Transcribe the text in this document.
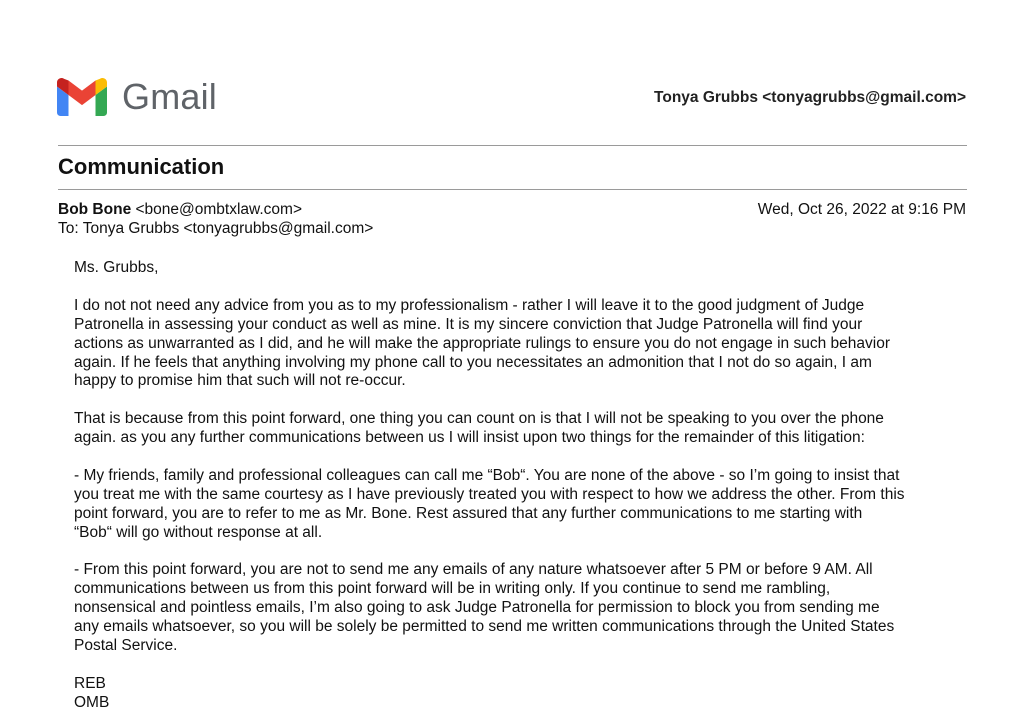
Gmail	Tonya Grubbs <tonyagrubbs@gmail.com>
Communication
Bob Bone <bone@ombtxlaw.com>	Wed, Oct 26, 2022 at 9:16 PM
To: Tonya Grubbs <tonyagrubbs@gmail.com>

Ms. Grubbs,

I do not not need any advice from you as to my professionalism - rather I will leave it to the good judgment of Judge
Patronella in assessing your conduct as well as mine. It is my sincere conviction that Judge Patronella will find your
actions as unwarranted as I did, and he will make the appropriate rulings to ensure you do not engage in such behavior
again. If he feels that anything involving my phone call to you necessitates an admonition that I not do so again, I am
happy to promise him that such will not re-occur.

That is because from this point forward, one thing you can count on is that I will not be speaking to you over the phone
again. as you any further communications between us I will insist upon two things for the remainder of this litigation:

- My friends, family and professional colleagues can call me “Bob“. You are none of the above - so I’m going to insist that
you treat me with the same courtesy as I have previously treated you with respect to how we address the other. From this
point forward, you are to refer to me as Mr. Bone. Rest assured that any further communications to me starting with
“Bob“ will go without response at all.

- From this point forward, you are not to send me any emails of any nature whatsoever after 5 PM or before 9 AM. All
communications between us from this point forward will be in writing only. If you continue to send me rambling,
nonsensical and pointless emails, I’m also going to ask Judge Patronella for permission to block you from sending me
any emails whatsoever, so you will be solely be permitted to send me written communications through the United States
Postal Service.

REB
OMB
